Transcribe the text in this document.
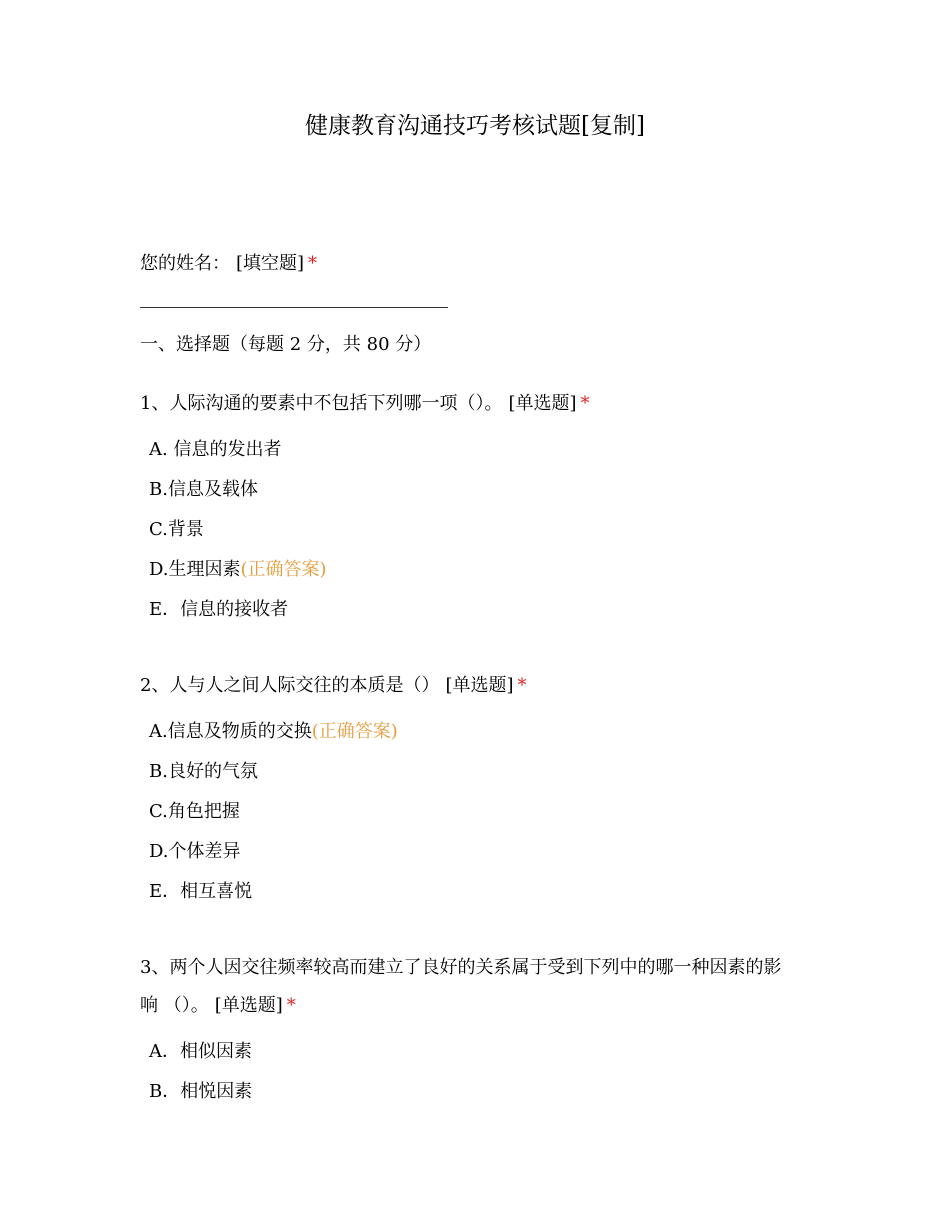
健康教育沟通技巧考核试题[复制]
您的姓名： [填空题] *
一、选择题（每题 2 分，共 80 分）
1、人际沟通的要素中不包括下列哪一项（）。 [单选题] *
A. 信息的发出者
B.信息及载体
C.背景
D.生理因素(正确答案)
E．信息的接收者
2、人与人之间人际交往的本质是（） [单选题] *
A.信息及物质的交换(正确答案)
B.良好的气氛
C.角色把握
D.个体差异
E．相互喜悦
3、两个人因交往频率较高而建立了良好的关系属于受到下列中的哪一种因素的影
响 （）。 [单选题] *
A．相似因素
B．相悦因素
